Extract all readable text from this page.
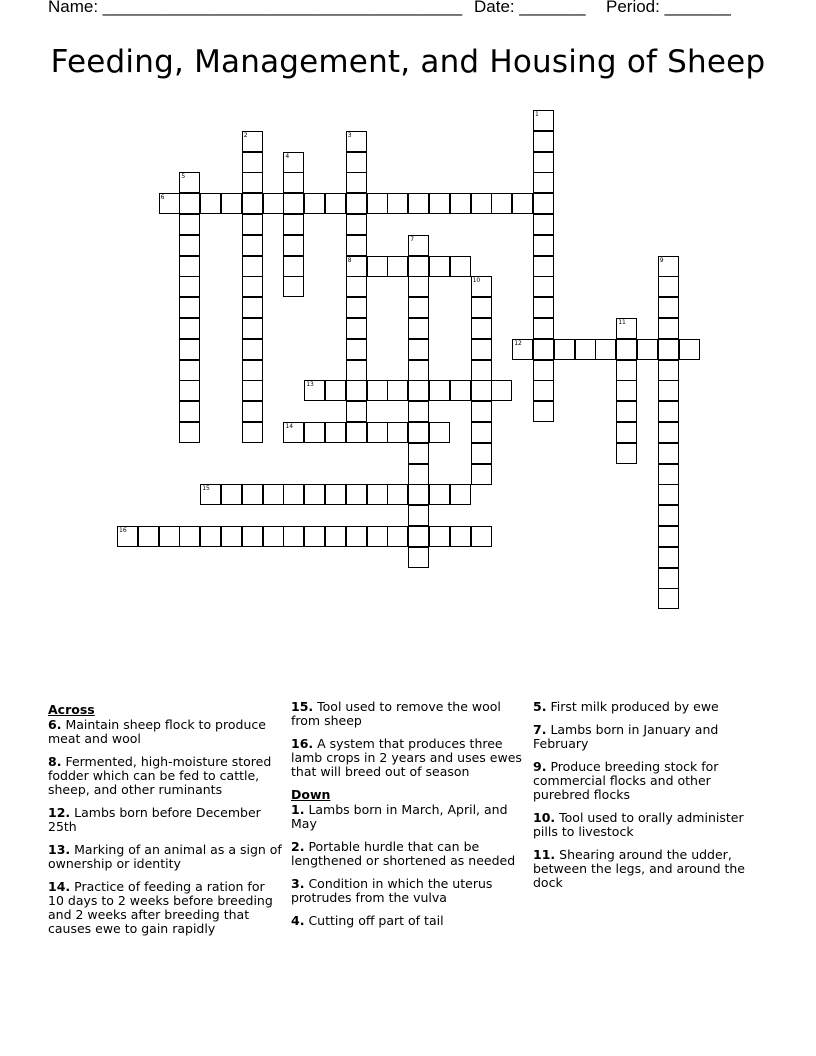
Name: ______________________________________ Date: _______ Period: _______
Feeding, Management, and Housing of Sheep
1
2	3
8
4
5
6
7
9
10
11
12
13
14
15
16
Across
6. Maintain sheep flock to produce meat and wool
8. Fermented, high-moisture stored fodder which can be fed to cattle, sheep, and other ruminants
12. Lambs born before December 25th
13. Marking of an animal as a sign of ownership or identity
14. Practice of feeding a ration for 10 days to 2 weeks before breeding and 2 weeks after breeding that causes ewe to gain rapidly
15. Tool used to remove the wool from sheep
16. A system that produces three lamb crops in 2 years and uses ewes that will breed out of season
Down
1. Lambs born in March, April, and May
2. Portable hurdle that can be lengthened or shortened as needed
3. Condition in which the uterus protrudes from the vulva
4. Cutting off part of tail
5. First milk produced by ewe
7. Lambs born in January and February
9. Produce breeding stock for commercial flocks and other purebred flocks
10. Tool used to orally administer pills to livestock
11. Shearing around the udder, between the legs, and around the dock
